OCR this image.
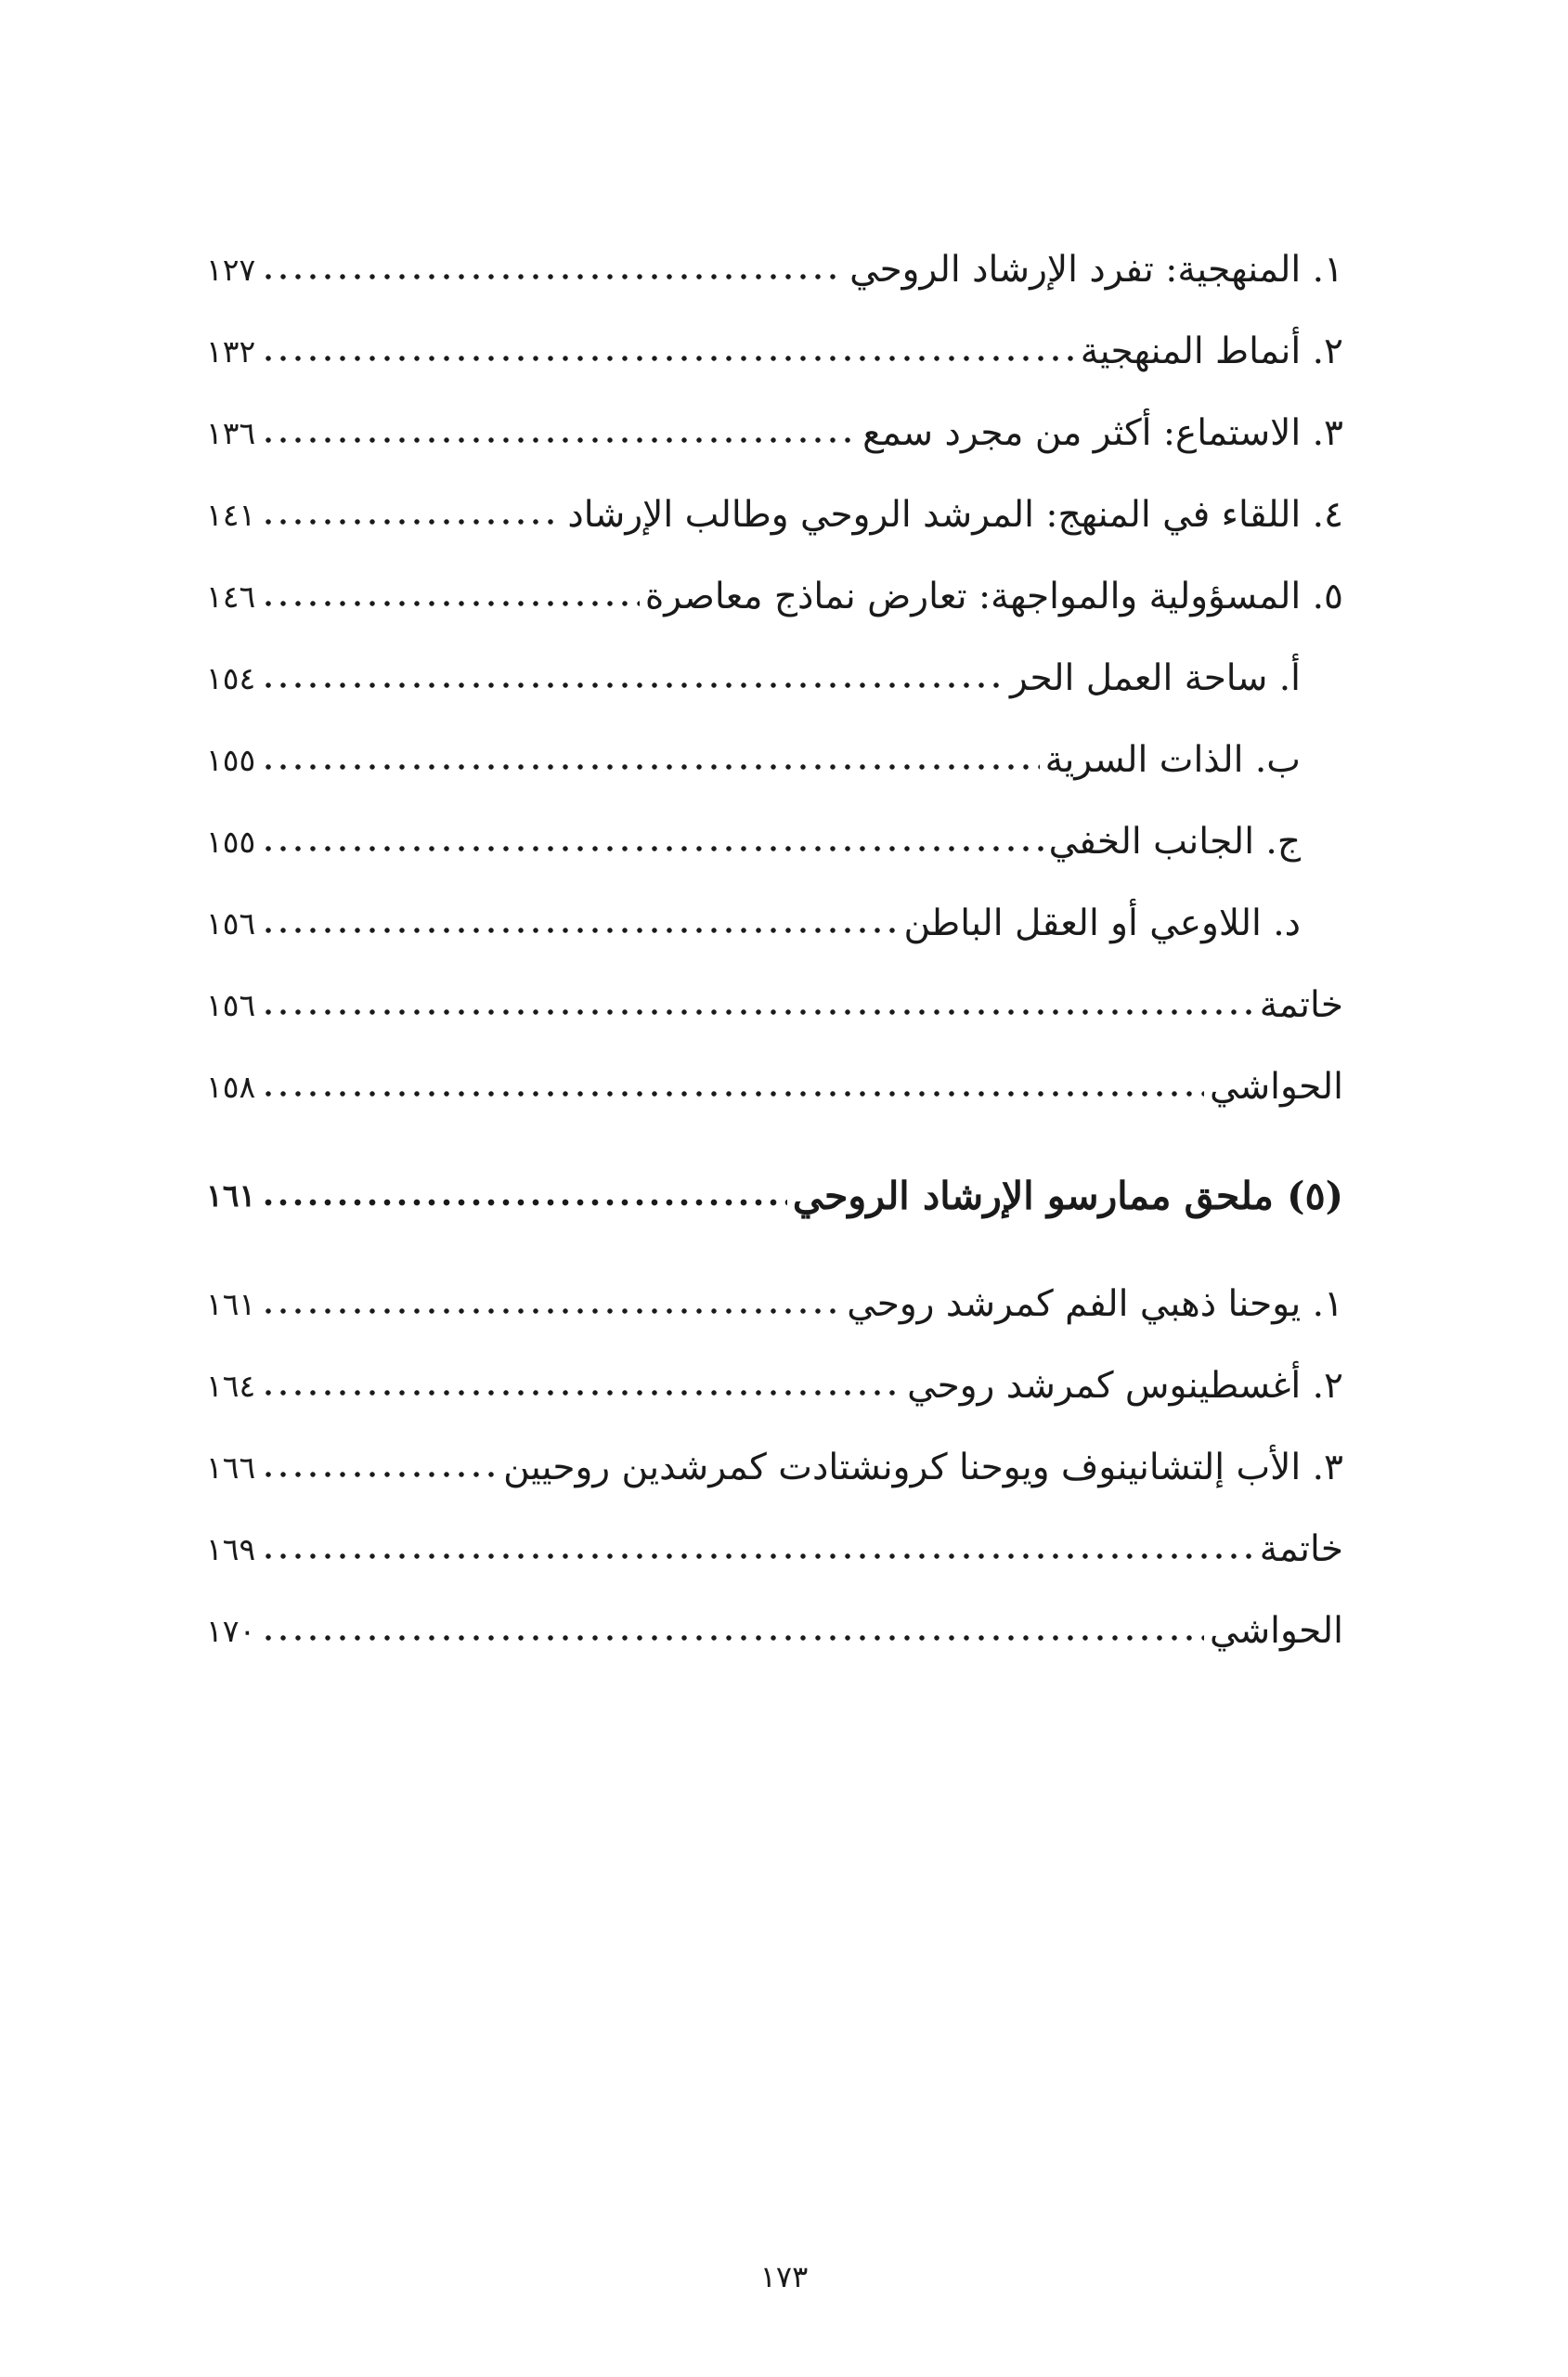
١. المنهجية: تفرد الإرشاد الروحي
١٢٧
٢. أنماط المنهجية
١٣٢
٣. الاستماع: أكثر من مجرد سمع
١٣٦
٤. اللقاء في المنهج: المرشد الروحي وطالب الإرشاد
١٤١
٥. المسؤولية والمواجهة: تعارض نماذج معاصرة
١٤٦
أ. ساحة العمل الحر
١٥٤
ب. الذات السرية
١٥٥
ج. الجانب الخفي
١٥٥
د. اللاوعي أو العقل الباطن
١٥٦
خاتمة
١٥٦
الحواشي
١٥٨
(٥) ملحق ممارسو الإرشاد الروحي
١٦١
١. يوحنا ذهبي الفم كمرشد روحي
١٦١
٢. أغسطينوس كمرشد روحي
١٦٤
٣. الأب إلتشانينوف ويوحنا كرونشتادت كمرشدين روحيين
١٦٦
خاتمة
١٦٩
الحواشي
١٧٠
١٧٣
